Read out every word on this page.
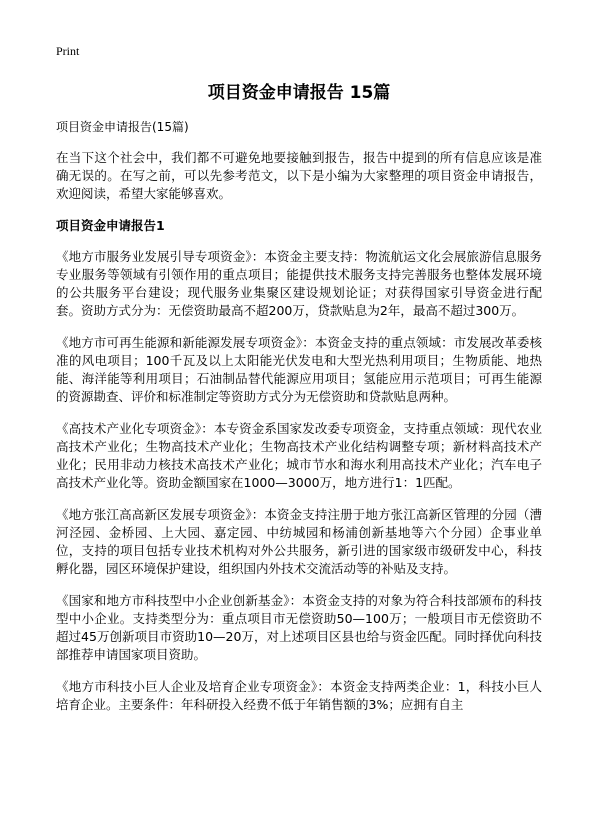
Print
项目资金申请报告 15篇
项目资金申请报告(15篇)

在当下这个社会中，我们都不可避免地要接触到报告，报告中提到的所有信息应该是准确无误的。在写之前，可以先参考范文，以下是小编为大家整理的项目资金申请报告，欢迎阅读，希望大家能够喜欢。

项目资金申请报告1

《地方市服务业发展引导专项资金》：本资金主要支持：物流航运文化会展旅游信息服务专业服务等领域有引领作用的重点项目；能提供技术服务支持完善服务也整体发展环境的公共服务平台建设；现代服务业集聚区建设规划论证；对获得国家引导资金进行配套。资助方式分为：无偿资助最高不超200万，贷款贴息为2年，最高不超过300万。

《地方市可再生能源和新能源发展专项资金》：本资金支持的重点领域：市发展改革委核准的风电项目；100千瓦及以上太阳能光伏发电和大型光热利用项目；生物质能、地热能、海洋能等利用项目；石油制品替代能源应用项目；氢能应用示范项目；可再生能源的资源勘查、评价和标准制定等资助方式分为无偿资助和贷款贴息两种。

《高技术产业化专项资金》：本专资金系国家发改委专项资金，支持重点领域：现代农业高技术产业化；生物高技术产业化；生物高技术产业化结构调整专项；新材料高技术产业化；民用非动力核技术高技术产业化；城市节水和海水利用高技术产业化；汽车电子高技术产业化等。资助金额国家在1000—3000万，地方进行1：1匹配。

《地方张江高高新区发展专项资金》：本资金支持注册于地方张江高新区管理的分园（漕河泾园、金桥园、上大园、嘉定园、中纺城园和杨浦创新基地等六个分园）企事业单位，支持的项目包括专业技术机构对外公共服务，新引进的国家级市级研发中心，科技孵化器，园区环境保护建设，组织国内外技术交流活动等的补贴及支持。

《国家和地方市科技型中小企业创新基金》：本资金支持的对象为符合科技部颁布的科技型中小企业。支持类型分为：重点项目市无偿资助50—100万；一般项目市无偿资助不超过45万创新项目市资助10—20万，对上述项目区县也给与资金匹配。同时择优向科技部推荐申请国家项目资助。

《地方市科技小巨人企业及培育企业专项资金》：本资金支持两类企业：1，科技小巨人培育企业。主要条件：年科研投入经费不低于年销售额的3%；应拥有自主
